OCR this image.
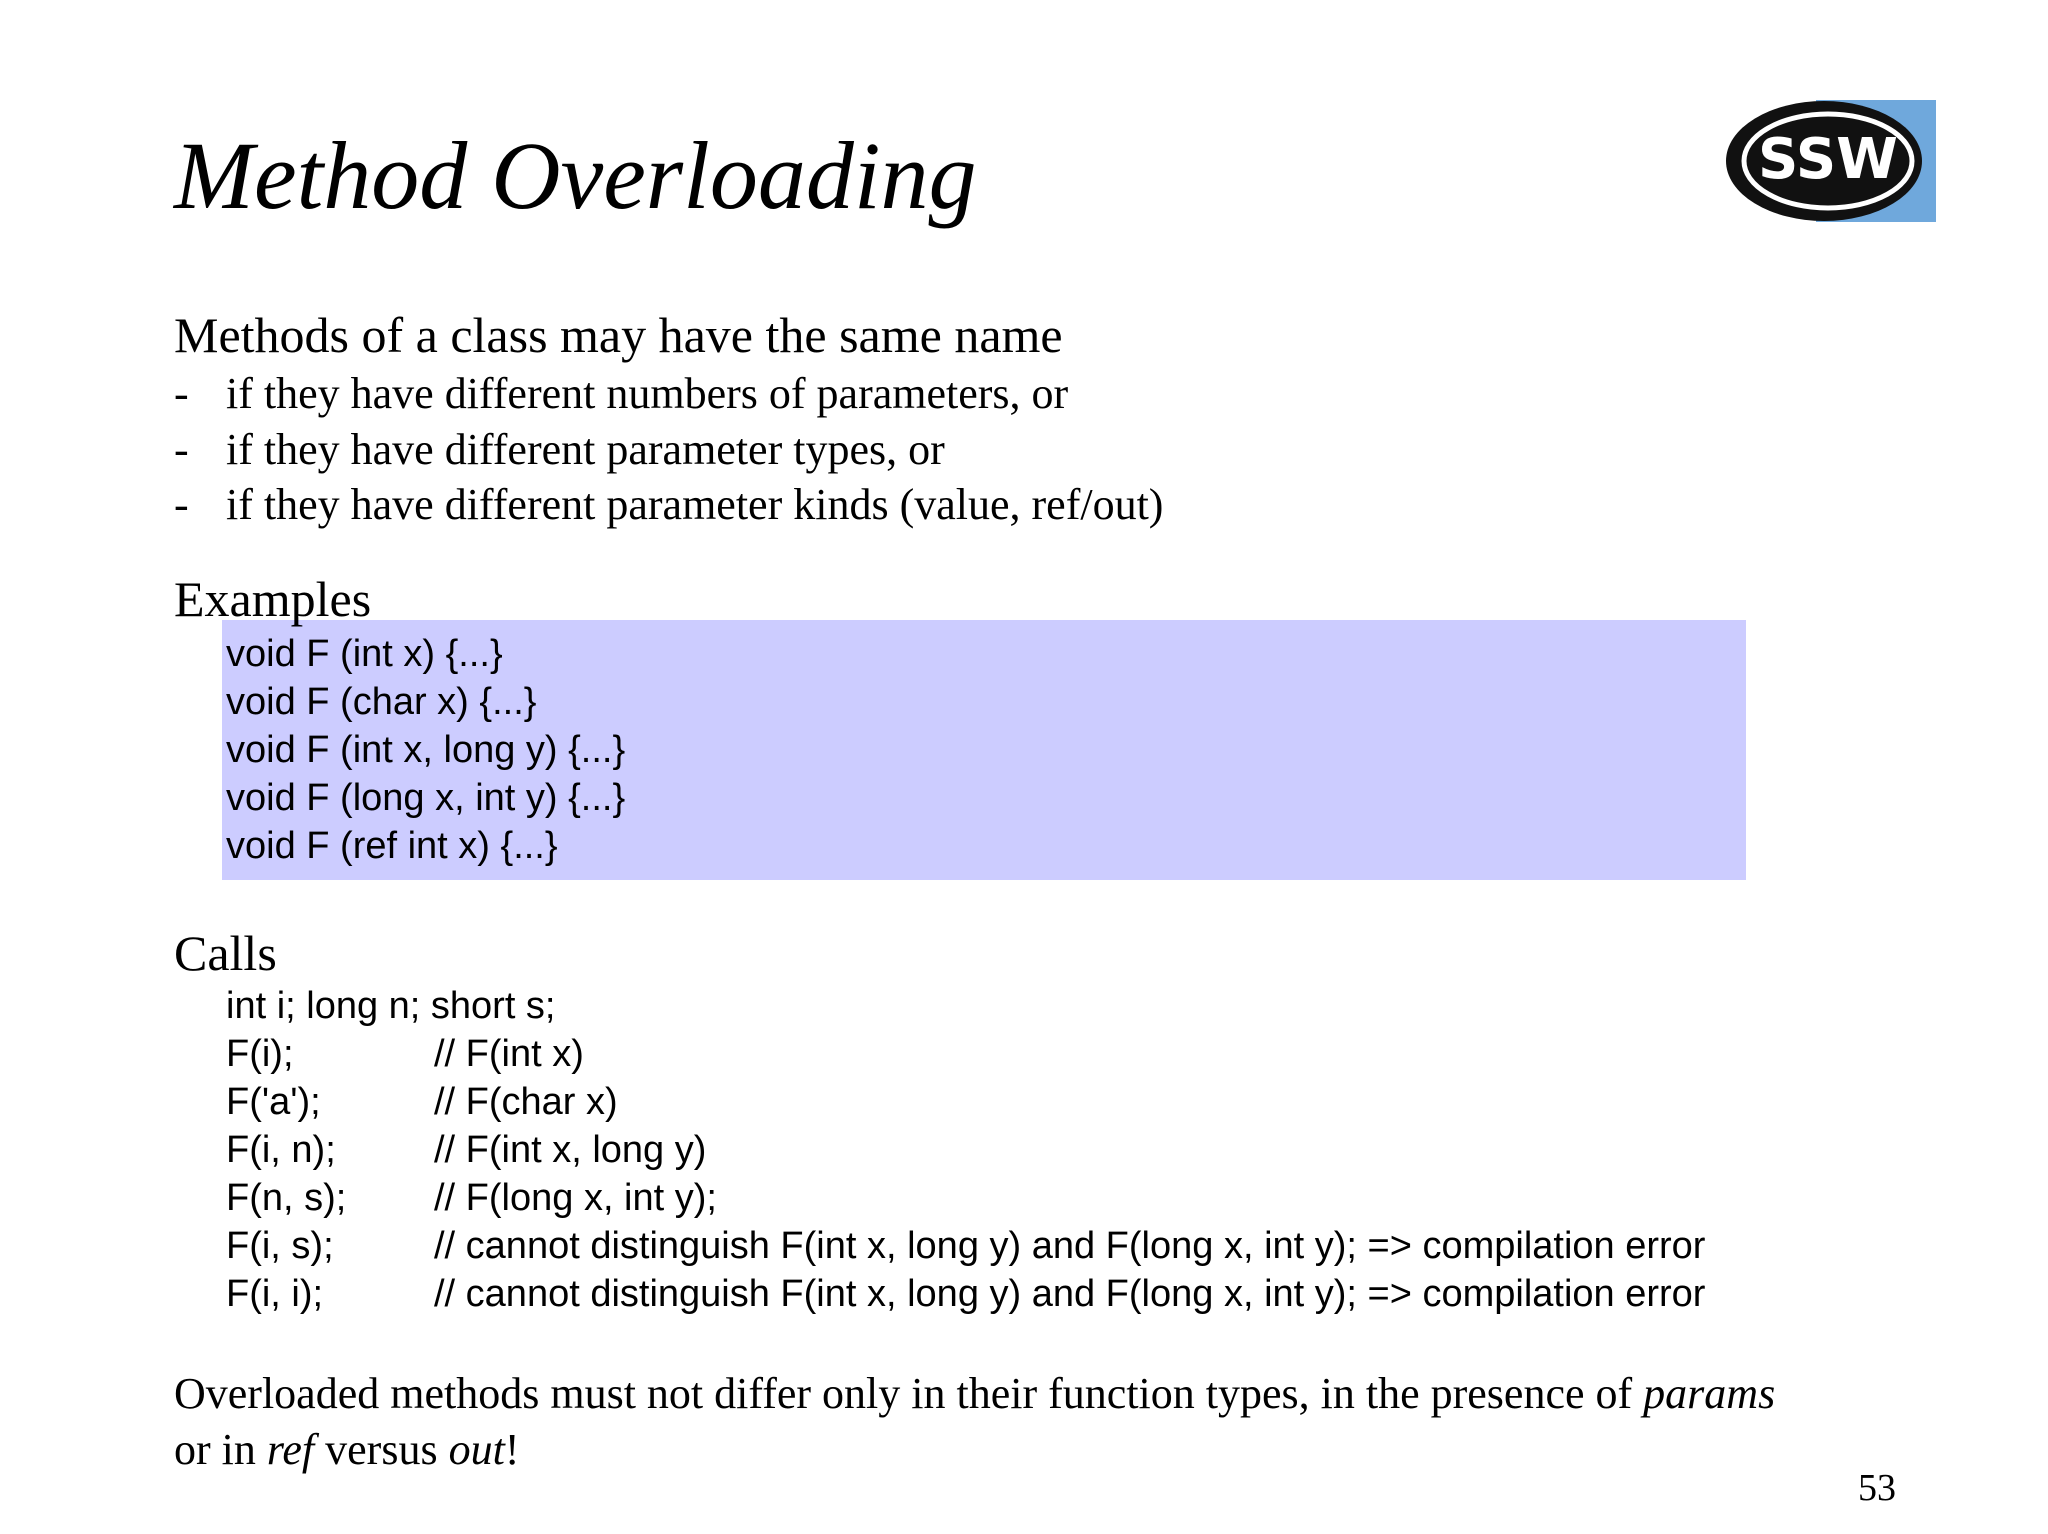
Method Overloading	SSW
Methods of a class may have the same name
- if they have different numbers of parameters, or
- if they have different parameter types, or
- if they have different parameter kinds (value, ref/out)
Examples
void F (int x) {...}
void F (char x) {...}
void F (int x, long y) {...}
void F (long x, int y) {...}
void F (ref int x) {...}
Calls
int i; long n; short s;
F(i);	// F(int x)
F('a');	// F(char x)
F(i, n);	// F(int x, long y)
F(n, s); // F(long x, int y);
F(i, s);	// cannot distinguish F(int x, long y) and F(long x, int y); => compilation error
F(i, i);	// cannot distinguish F(int x, long y) and F(long x, int y); => compilation error
Overloaded methods must not differ only in their function types, in the presence of params
or in ref versus out!
53
